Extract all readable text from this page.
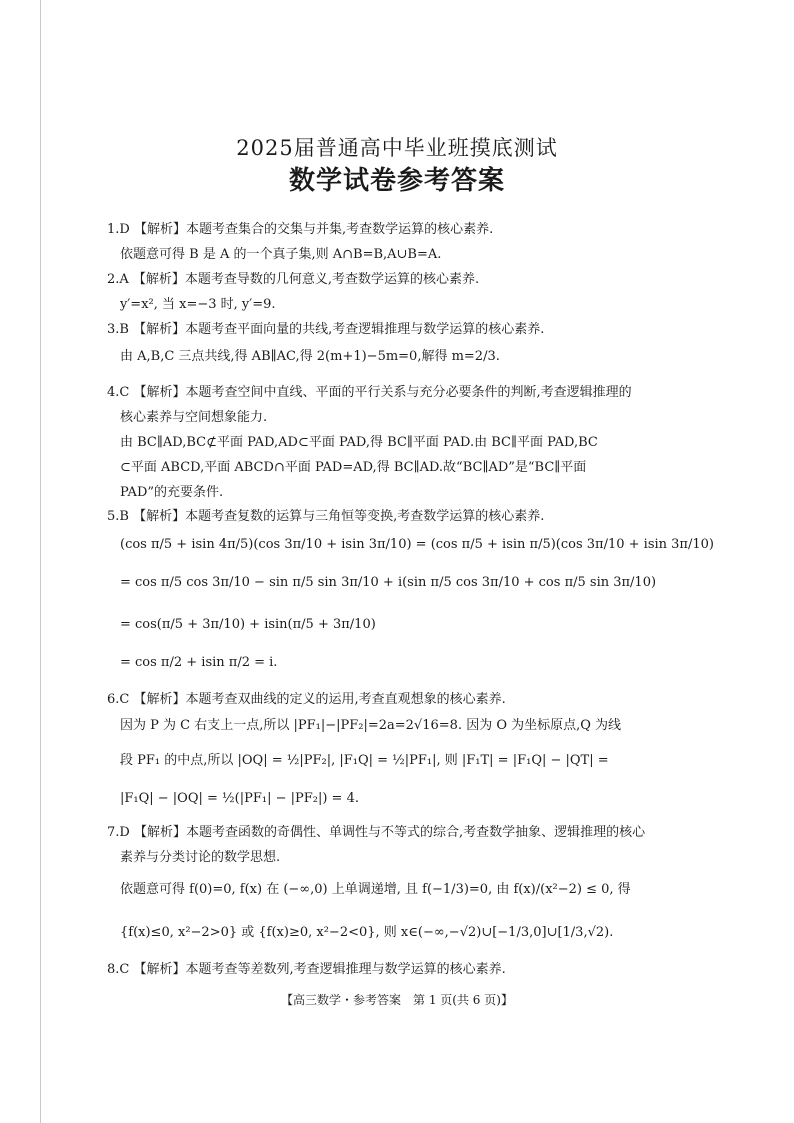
2025届普通高中毕业班摸底测试
数学试卷参考答案
1.D 【解析】本题考查集合的交集与并集,考查数学运算的核心素养.
依题意可得 B 是 A 的一个真子集,则 A∩B=B,A∪B=A.
2.A 【解析】本题考查导数的几何意义,考查数学运算的核心素养.
y′=x², 当 x=−3 时, y′=9.
3.B 【解析】本题考查平面向量的共线,考查逻辑推理与数学运算的核心素养.
由 A,B,C 三点共线,得 AB∥AC,得 2(m+1)−5m=0,解得 m=2/3.
4.C 【解析】本题考查空间中直线、平面的平行关系与充分必要条件的判断,考查逻辑推理的
核心素养与空间想象能力.
由 BC∥AD,BC⊄平面 PAD,AD⊂平面 PAD,得 BC∥平面 PAD.由 BC∥平面 PAD,BC
⊂平面 ABCD,平面 ABCD∩平面 PAD=AD,得 BC∥AD.故“BC∥AD”是“BC∥平面
PAD”的充要条件.
5.B 【解析】本题考查复数的运算与三角恒等变换,考查数学运算的核心素养.
(cos π/5 + isin 4π/5)(cos 3π/10 + isin 3π/10) = (cos π/5 + isin π/5)(cos 3π/10 + isin 3π/10)
= cos π/5 cos 3π/10 − sin π/5 sin 3π/10 + i(sin π/5 cos 3π/10 + cos π/5 sin 3π/10)
= cos(π/5 + 3π/10) + isin(π/5 + 3π/10)
= cos π/2 + isin π/2 = i.
6.C 【解析】本题考查双曲线的定义的运用,考查直观想象的核心素养.
因为 P 为 C 右支上一点,所以 |PF₁|−|PF₂|=2a=2√16=8. 因为 O 为坐标原点,Q 为线
段 PF₁ 的中点,所以 |OQ| = ½|PF₂|, |F₁Q| = ½|PF₁|, 则 |F₁T| = |F₁Q| − |QT| =
|F₁Q| − |OQ| = ½(|PF₁| − |PF₂|) = 4.
7.D 【解析】本题考查函数的奇偶性、单调性与不等式的综合,考查数学抽象、逻辑推理的核心
素养与分类讨论的数学思想.
依题意可得 f(0)=0, f(x) 在 (−∞,0) 上单调递增, 且 f(−1/3)=0, 由 f(x)/(x²−2) ≤ 0, 得
{f(x)≤0, x²−2>0} 或 {f(x)≥0, x²−2<0}, 则 x∈(−∞,−√2)∪[−1/3,0]∪[1/3,√2).
8.C 【解析】本题考查等差数列,考查逻辑推理与数学运算的核心素养.
【高三数学・参考答案　第 1 页(共 6 页)】
